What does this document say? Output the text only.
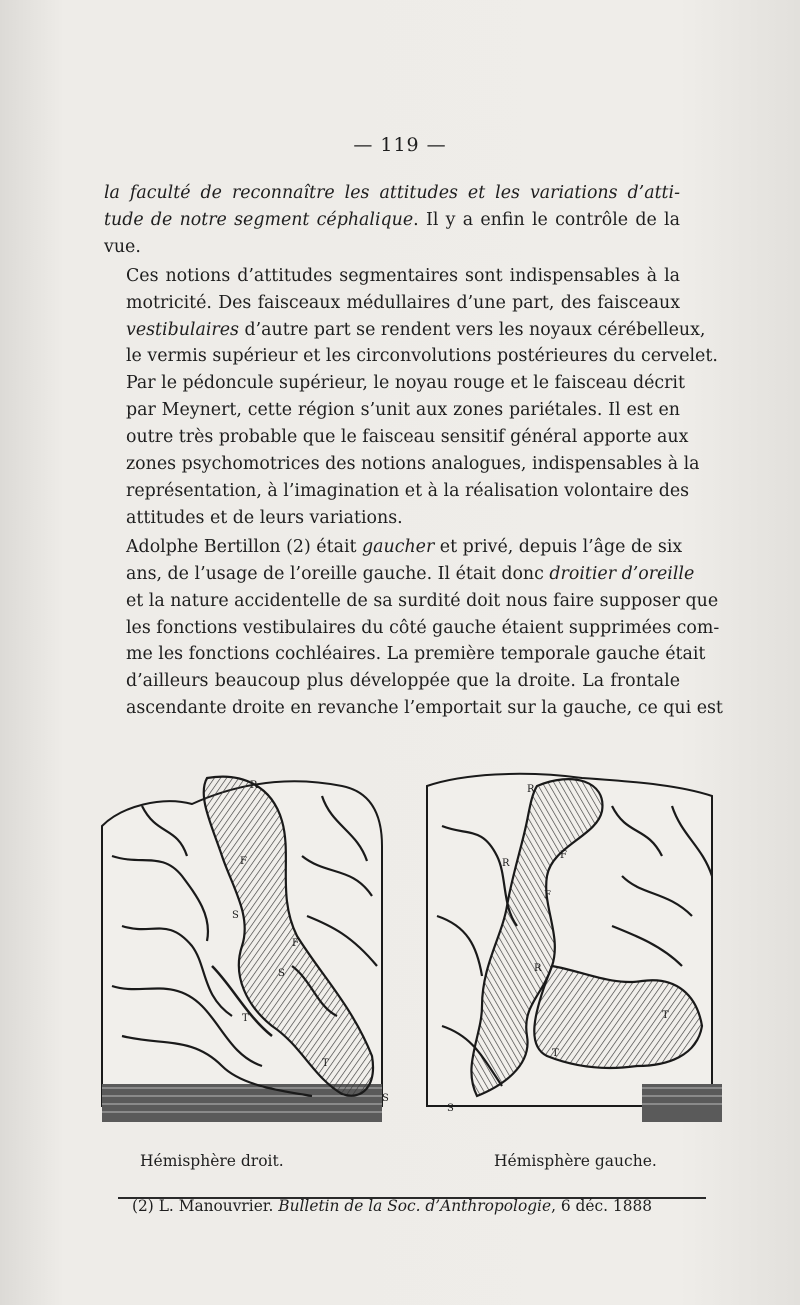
— 119 —
la faculté de reconnaître les attitudes et les variations d’atti-
tude de notre segment céphalique. Il y a enfin le contrôle de la
vue.
Ces notions d’attitudes segmentaires sont indispensables à la
motricité. Des faisceaux médullaires d’une part, des faisceaux
vestibulaires d’autre part se rendent vers les noyaux cérébelleux,
le vermis supérieur et les circonvolutions postérieures du cervelet.
Par le pédoncule supérieur, le noyau rouge et le faisceau décrit
par Meynert, cette région s’unit aux zones pariétales. Il est en
outre très probable que le faisceau sensitif général apporte aux
zones psychomotrices des notions analogues, indispensables à la
représentation, à l’imagination et à la réalisation volontaire des
attitudes et de leurs variations.
Adolphe Bertillon (2) était gaucher et privé, depuis l’âge de six
ans, de l’usage de l’oreille gauche. Il était donc droitier d’oreille
et la nature accidentelle de sa surdité doit nous faire supposer que
les fonctions vestibulaires du côté gauche étaient supprimées com-
me les fonctions cochléaires. La première temporale gauche était
d’ailleurs beaucoup plus développée que la droite. La frontale
ascendante droite en revanche l’emportait sur la gauche, ce qui est
R
F
S
F
S
T
T
S
R
F
R
F
R
T
S
T
Hémisphère droit.	Hémisphère gauche.
(2) L. Manouvrier. Bulletin de la Soc. d’Anthropologie, 6 déc. 1888
